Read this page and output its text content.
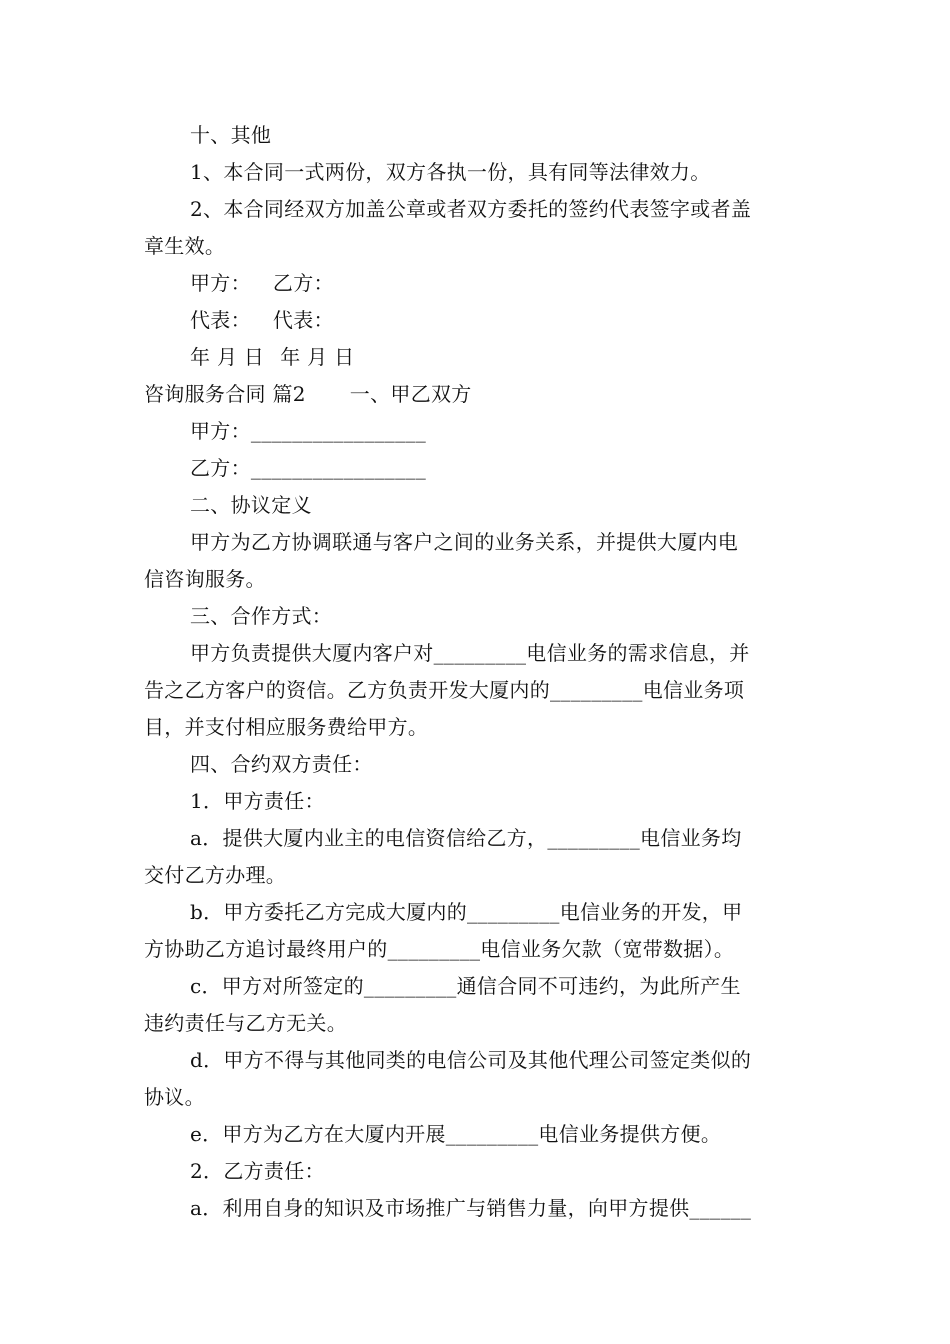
十、其他

1、本合同一式两份，双方各执一份，具有同等法律效力。

2、本合同经双方加盖公章或者双方委托的签约代表签字或者盖

章生效。

甲方： 乙方：

代表： 代表：

年 月 日 年 月 日

咨询服务合同 篇2 一、甲乙双方

甲方：_________________

乙方：_________________

二、协议定义

甲方为乙方协调联通与客户之间的业务关系，并提供大厦内电

信咨询服务。

三、合作方式：

甲方负责提供大厦内客户对_________电信业务的需求信息，并

告之乙方客户的资信。乙方负责开发大厦内的_________电信业务项

目，并支付相应服务费给甲方。

四、合约双方责任：

1．甲方责任：

a．提供大厦内业主的电信资信给乙方，_________电信业务均

交付乙方办理。

b．甲方委托乙方完成大厦内的_________电信业务的开发，甲

方协助乙方追讨最终用户的_________电信业务欠款（宽带数据）。

c．甲方对所签定的_________通信合同不可违约，为此所产生

违约责任与乙方无关。

d．甲方不得与其他同类的电信公司及其他代理公司签定类似的

协议。

e．甲方为乙方在大厦内开展_________电信业务提供方便。

2．乙方责任：

a．利用自身的知识及市场推广与销售力量，向甲方提供______
